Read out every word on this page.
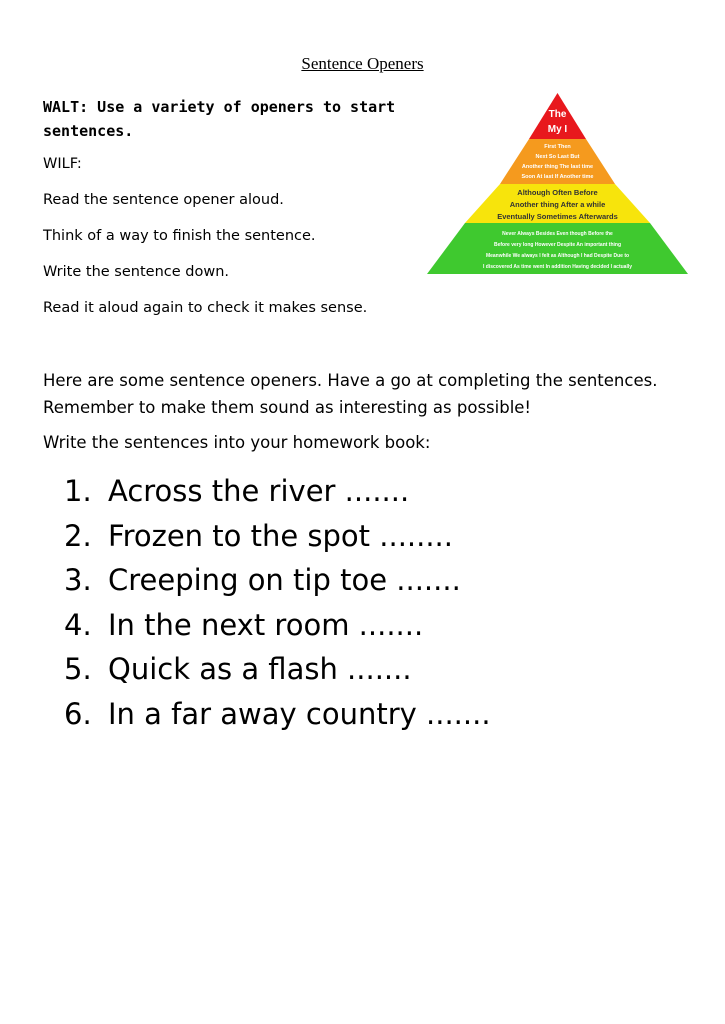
Sentence Openers
WALT: Use a variety of openers to start sentences.
WILF:
Read the sentence opener aloud.
Think of a way to finish the sentence.
Write the sentence down.
Read it aloud again to check it makes sense.
The
My I
First Then
Next So Last But
Another thing The last time
Soon At last If Another time
Although Often Before
Another thing After a while
Eventually Sometimes Afterwards
Never Always Besides Even though Before the
Before very long However Despite An important thing
Meanwhile We always I felt as Although I had Despite Due to
I discovered As time went In addition Having decided I actually
Here are some sentence openers. Have a go at completing the sentences. Remember to make them sound as interesting as possible!
Write the sentences into your homework book:
1. Across the river .......
2. Frozen to the spot ........
3. Creeping on tip toe .......
4. In the next room .......
5. Quick as a flash .......
6. In a far away country .......
